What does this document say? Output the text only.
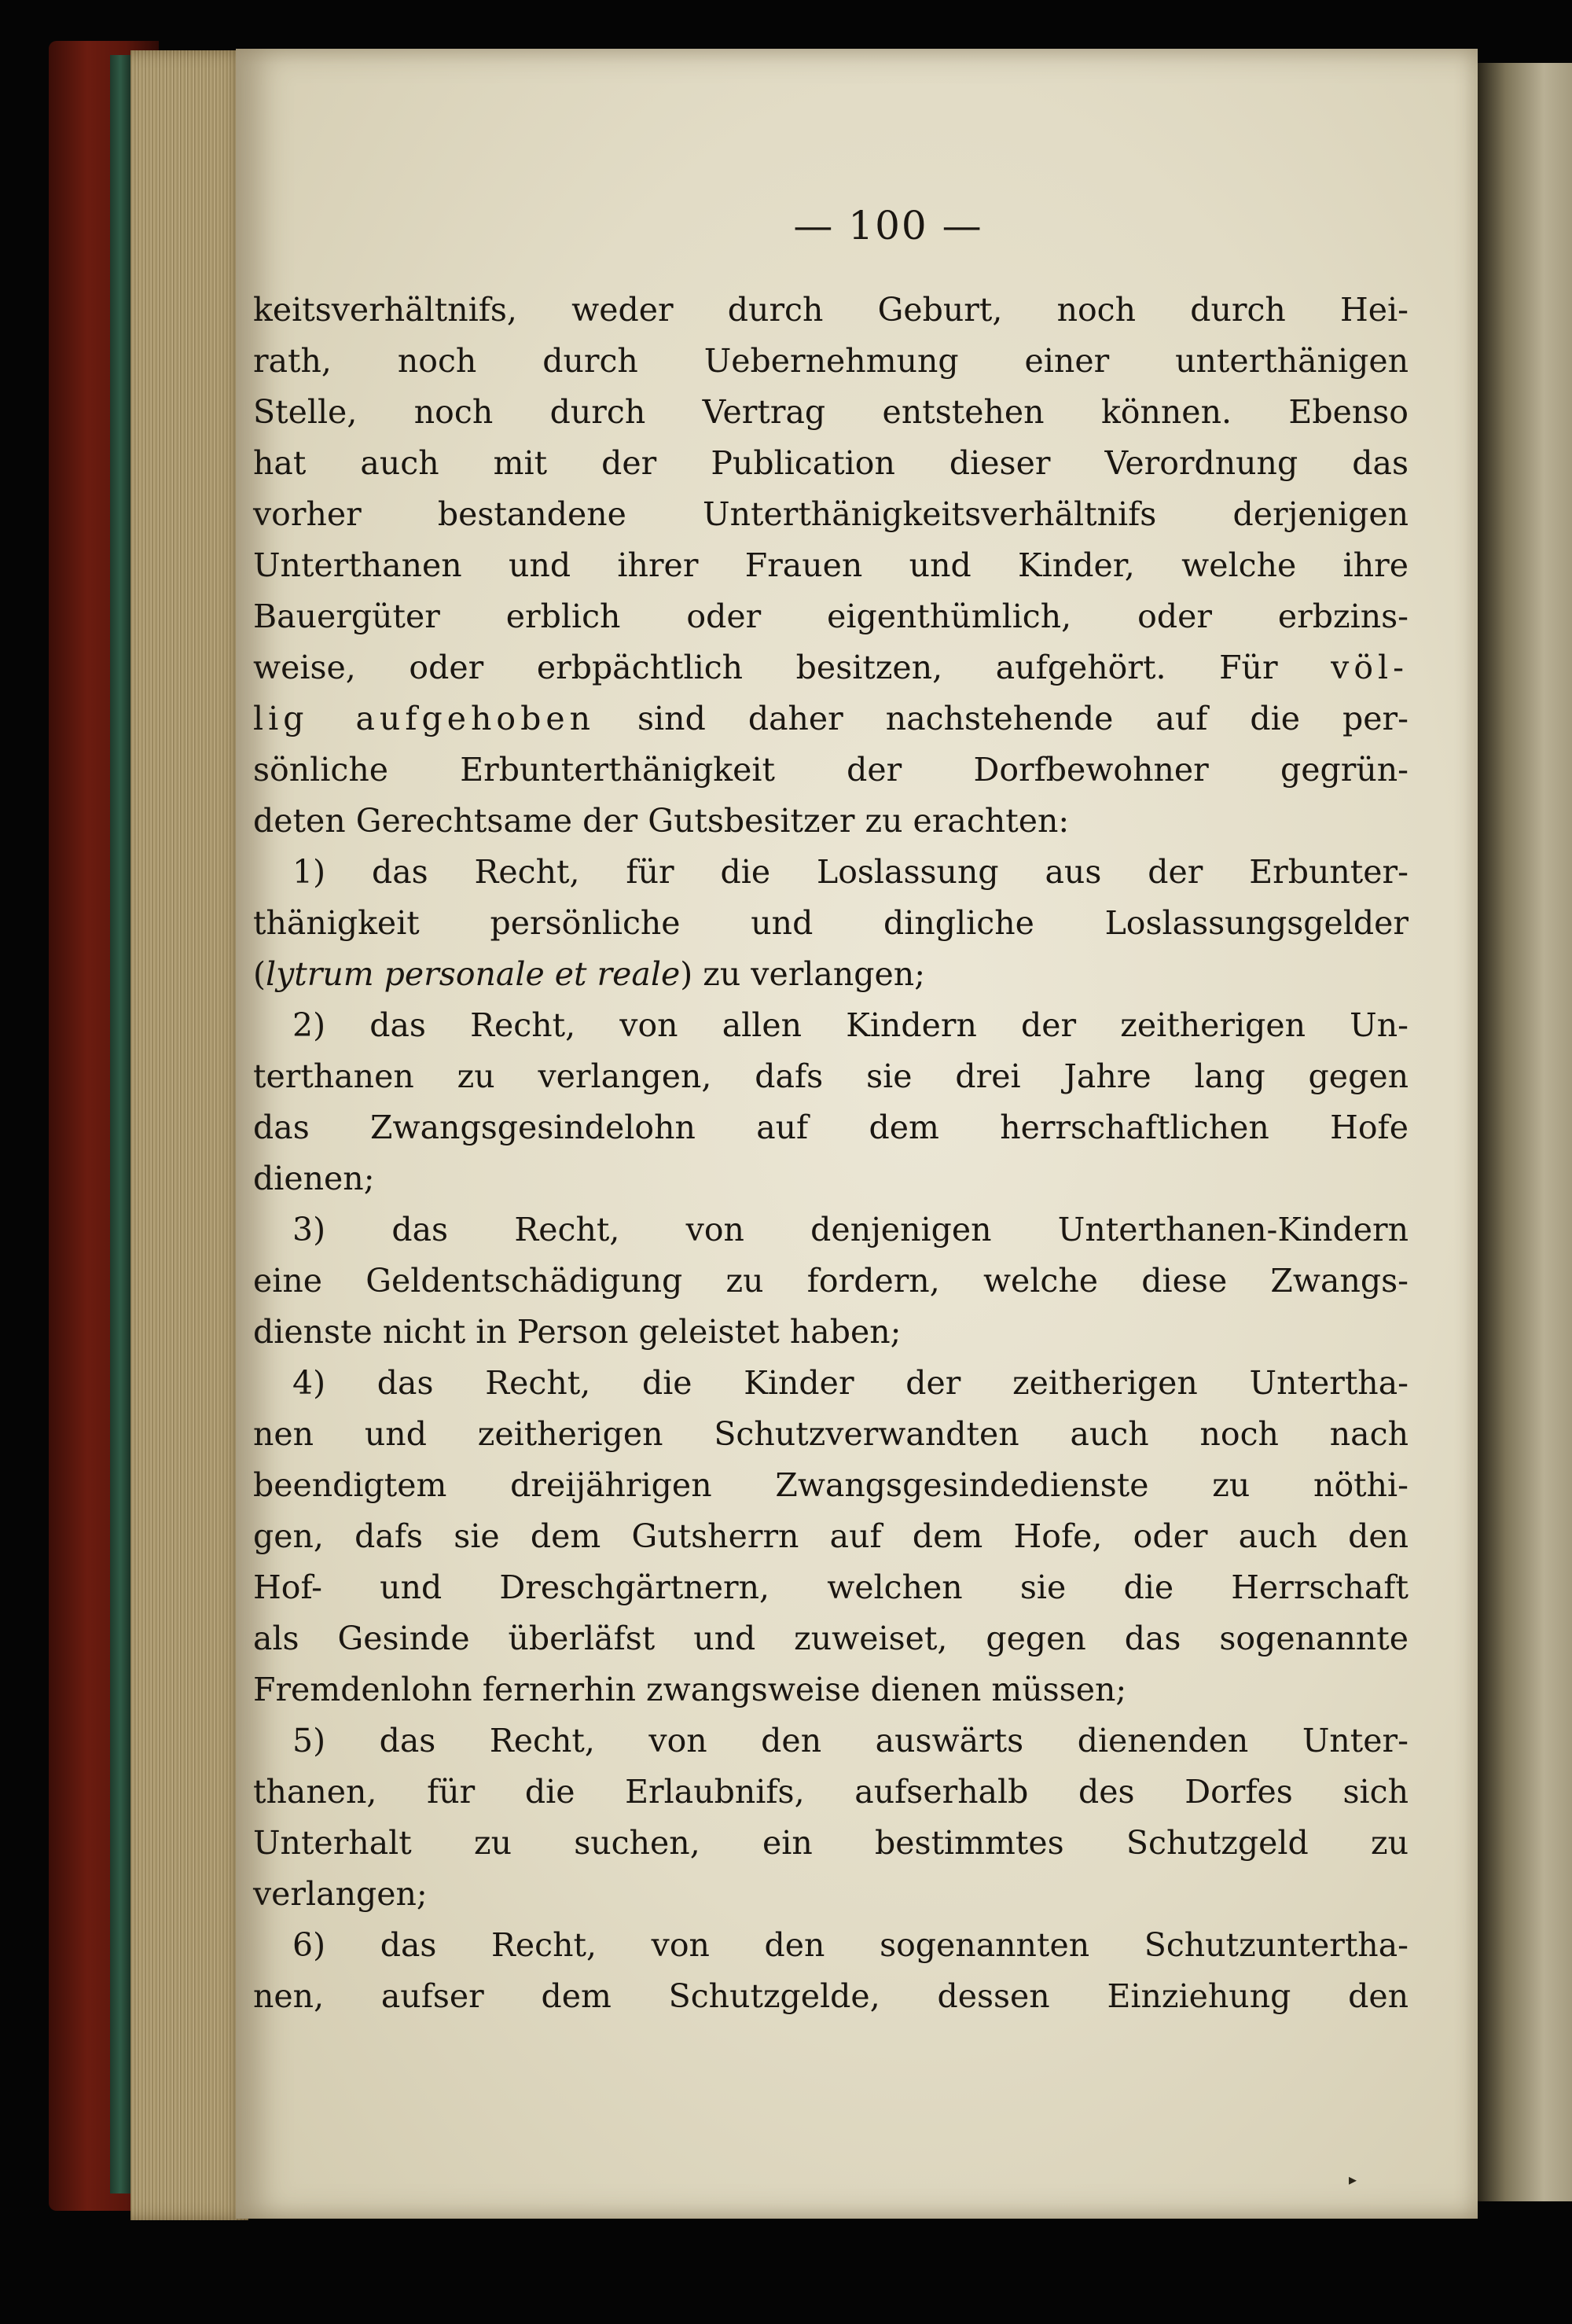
— 100 —
keitsverhältnifs, weder durch Geburt, noch durch Hei-
rath, noch durch Uebernehmung einer unterthänigen
Stelle, noch durch Vertrag entstehen können. Ebenso
hat auch mit der Publication dieser Verordnung das
vorher bestandene Unterthänigkeitsverhältnifs derjenigen
Unterthanen und ihrer Frauen und Kinder, welche ihre
Bauergüter erblich oder eigenthümlich, oder erbzins-
weise, oder erbpächtlich besitzen, aufgehört. Für völ-
lig aufgehoben sind daher nachstehende auf die per-
sönliche Erbunterthänigkeit der Dorfbewohner gegrün-
deten Gerechtsame der Gutsbesitzer zu erachten:
1) das Recht, für die Loslassung aus der Erbunter-
thänigkeit persönliche und dingliche Loslassungsgelder
(lytrum personale et reale) zu verlangen;
2) das Recht, von allen Kindern der zeitherigen Un-
terthanen zu verlangen, dafs sie drei Jahre lang gegen
das Zwangsgesindelohn auf dem herrschaftlichen Hofe
dienen;
3) das Recht, von denjenigen Unterthanen-Kindern
eine Geldentschädigung zu fordern, welche diese Zwangs-
dienste nicht in Person geleistet haben;
4) das Recht, die Kinder der zeitherigen Untertha-
nen und zeitherigen Schutzverwandten auch noch nach
beendigtem dreijährigen Zwangsgesindedienste zu nöthi-
gen, dafs sie dem Gutsherrn auf dem Hofe, oder auch den
Hof- und Dreschgärtnern, welchen sie die Herrschaft
als Gesinde überläfst und zuweiset, gegen das sogenannte
Fremdenlohn fernerhin zwangsweise dienen müssen;
5) das Recht, von den auswärts dienenden Unter-
thanen, für die Erlaubnifs, aufserhalb des Dorfes sich
Unterhalt zu suchen, ein bestimmtes Schutzgeld zu
verlangen;
6) das Recht, von den sogenannten Schutzunterthа-
nen, aufser dem Schutzgelde, dessen Einziehung den
▸
